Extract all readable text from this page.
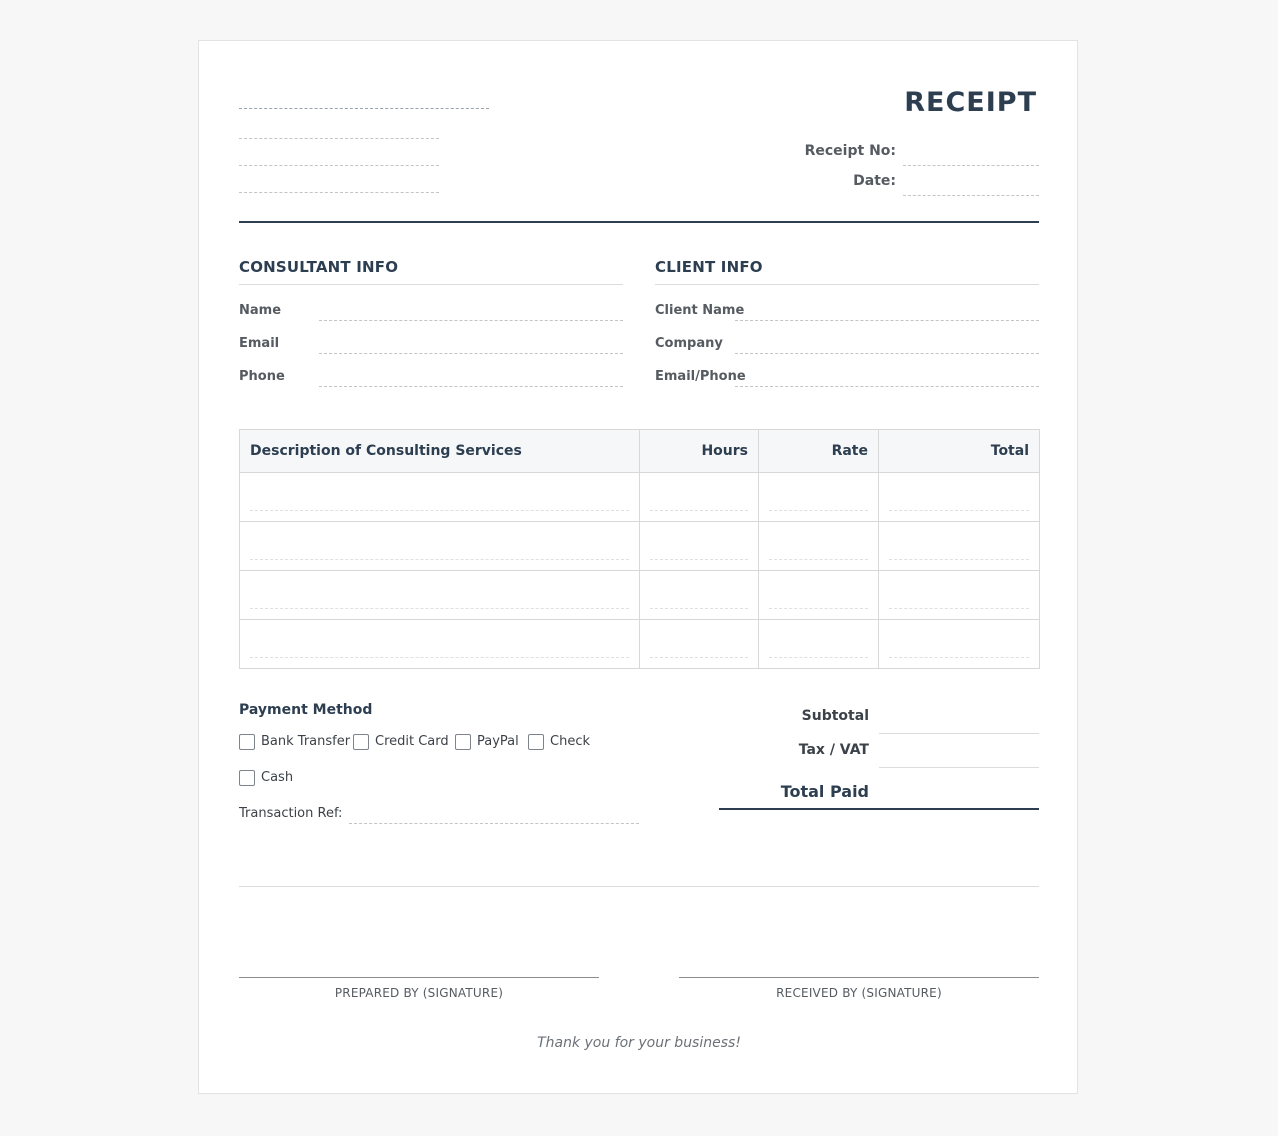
RECEIPT
Receipt No:
Date:
CONSULTANT INFO
Name
Email
Phone
CLIENT INFO
Client Name
Company
Email/Phone
Description of Consulting Services	Hours	Rate	Total

Payment Method
Bank Transfer Credit Card PayPal Check
Cash
Transaction Ref:
Subtotal
Tax / VAT
Total Paid
PREPARED BY (SIGNATURE)	RECEIVED BY (SIGNATURE)
Thank you for your business!
